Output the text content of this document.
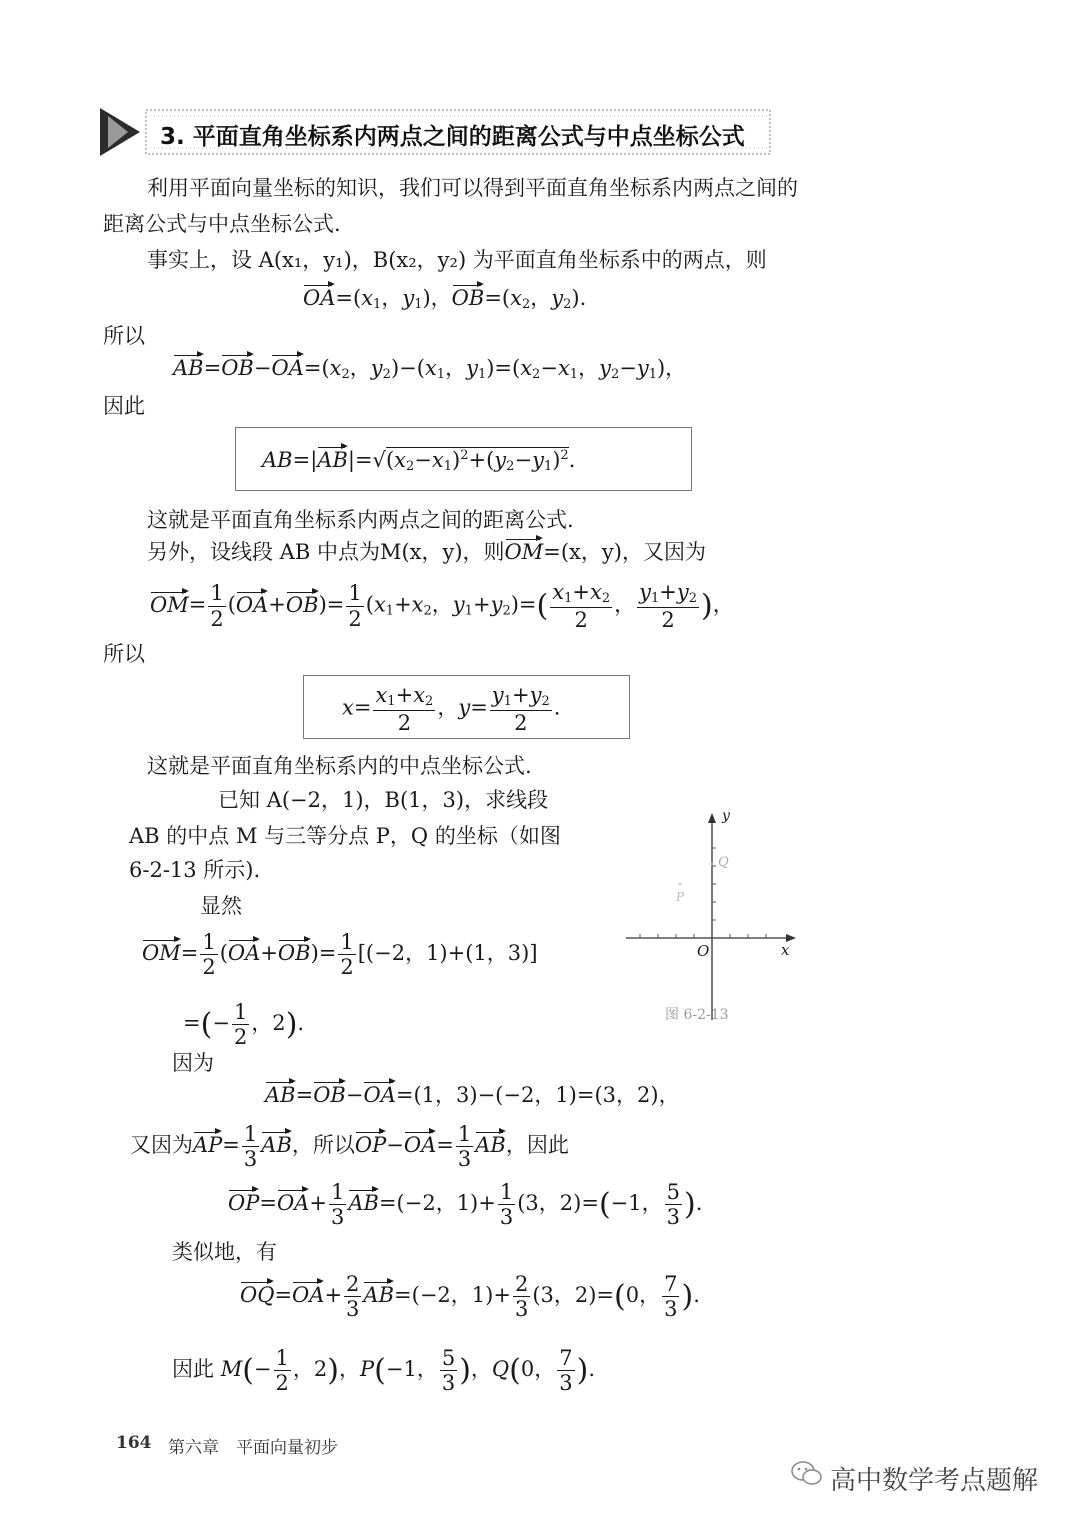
3. 平面直角坐标系内两点之间的距离公式与中点坐标公式
利用平面向量坐标的知识，我们可以得到平面直角坐标系内两点之间的
距离公式与中点坐标公式.
事实上，设 A(x₁，y₁)，B(x₂，y₂) 为平面直角坐标系中的两点，则
$OA=(x_1$，$y_1$)，$OB=(x_2$，$y_2$).
所以
$AB=OB-OA=(x_2$，$y_2)-(x_1$，$y_1)=(x_2-x_1$，$y_2-y_1$)，
因此
$AB=|AB|=√(x_2-x_1)^2+(y_2-y_1)^2$.
这就是平面直角坐标系内两点之间的距离公式.
另外，设线段 AB 中点为M(x，y)，则OM=(x，y)，又因为
$OM= \frac{1}{2} (OA+OB)= \frac{1}{2} (x_1+x_2$，$y_1+y_2)=( \frac{x_1+x_2}{2}$ ， $\frac{y_1+y_2}{2}$ )，
所以
$x= \frac{x_1+x_2}{2}$ ，$y= \frac{y_1+y_2}{2}$ .
这就是平面直角坐标系内的中点坐标公式.
已知 A(−2，1)，B(1，3)，求线段
AB 的中点 M 与三等分点 P，Q 的坐标（如图
6-2-13 所示).
显然
$OM= \frac{1}{2} (OA+OB)= \frac{1}{2} [(-2$，1)+(1，3)]
=(− $\frac{1}{2}$ ，2).
y
x
O
Q
P
图 6-2-13
因为
AB=OB−OA=(1，3)−(−2，1)=(3，2)，
又因为$AP= \frac{1}{3}$ AB，所以$OP-OA= \frac{1}{3}$ AB，因此
$OP=OA+ \frac{1}{3} AB=(-2$，$1)+ \frac{1}{3} (3$，2)=(−1， $\frac{5}{3}$ ).
类似地，有
$OQ=OA+ \frac{2}{3} AB=(-2$，$1)+ \frac{2}{3} (3$，2)=(0， $\frac{7}{3}$ ).
因此 $M(- \frac{1}{2}$ ，2)，P(−1， $\frac{5}{3}$ )，Q(0， $\frac{7}{3}$ ).
164 第六章　平面向量初步
高中数学考点题解
